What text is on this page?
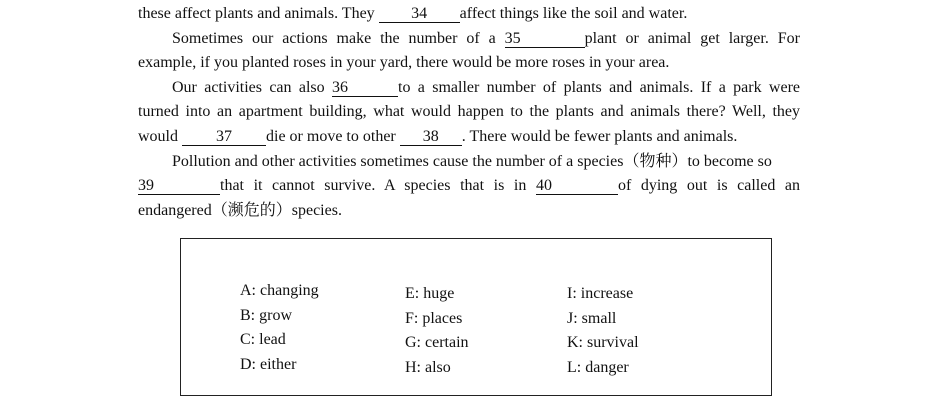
these affect plants and animals. They 34 affect things like the soil and water.
Sometimes our actions make the number of a 35	plant or animal get larger. For
example, if you planted roses in your yard, there would be more roses in your area.
Our activities can also 36	to a smaller number of plants and animals. If a park were
turned into an apartment building, what would happen to the plants and animals there? Well, they
would 37 die or move to other 38 . There would be fewer plants and animals.
Pollution and other activities sometimes cause the number of a species（物种）to become so
39	that it cannot survive. A species that is in 40	of dying out is called an
endangered（濒危的）species.
A: changing
B: grow
C: lead
D: either
E: huge
F: places
G: certain
H: also
I: increase
J: small
K: survival
L: danger
